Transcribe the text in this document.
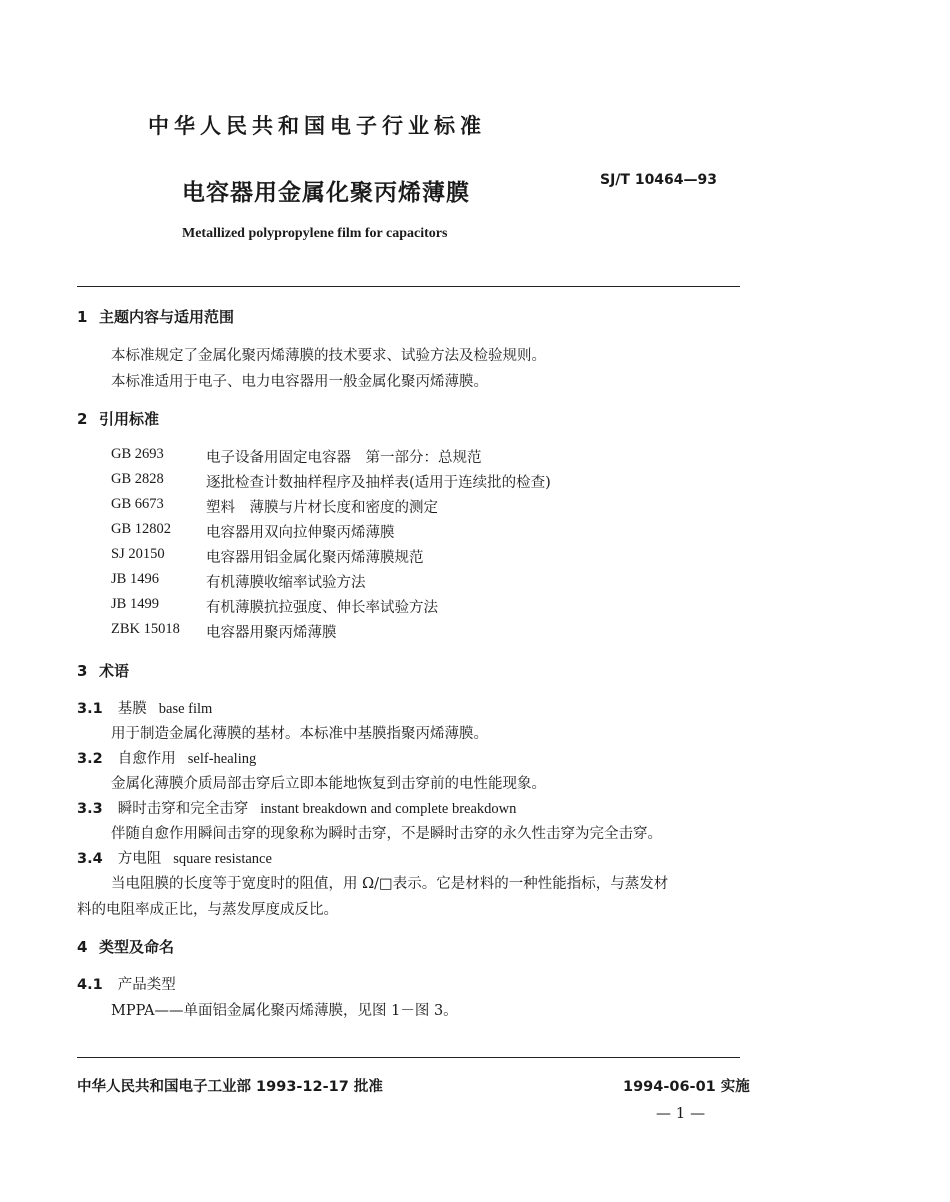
中华人民共和国电子行业标准
电容器用金属化聚丙烯薄膜	SJ/T 10464—93
Metallized polypropylene film for capacitors
1 主题内容与适用范围
本标准规定了金属化聚丙烯薄膜的技术要求、试验方法及检验规则。
本标准适用于电子、电力电容器用一般金属化聚丙烯薄膜。
2 引用标准
GB 2693	电子设备用固定电容器　第一部分：总规范
GB 2828	逐批检查计数抽样程序及抽样表(适用于连续批的检查)
GB 6673	塑料　薄膜与片材长度和密度的测定
GB 12802 电容器用双向拉伸聚丙烯薄膜
SJ 20150	电容器用铝金属化聚丙烯薄膜规范
JB 1496	有机薄膜收缩率试验方法
JB 1499	有机薄膜抗拉强度、伸长率试验方法
ZBK 15018 电容器用聚丙烯薄膜
3 术语
3.1 基膜 base film
用于制造金属化薄膜的基材。本标准中基膜指聚丙烯薄膜。
3.2 自愈作用 self-healing
金属化薄膜介质局部击穿后立即本能地恢复到击穿前的电性能现象。
3.3 瞬时击穿和完全击穿 instant breakdown and complete breakdown
伴随自愈作用瞬间击穿的现象称为瞬时击穿，不是瞬时击穿的永久性击穿为完全击穿。
3.4 方电阻 square resistance
当电阻膜的长度等于宽度时的阻值，用 Ω/□表示。它是材料的一种性能指标，与蒸发材
料的电阻率成正比，与蒸发厚度成反比。
4 类型及命名
4.1 产品类型
MPPA——单面铝金属化聚丙烯薄膜，见图 1－图 3。
中华人民共和国电子工业部 1993-12-17 批准	1994-06-01 实施
— 1 —
